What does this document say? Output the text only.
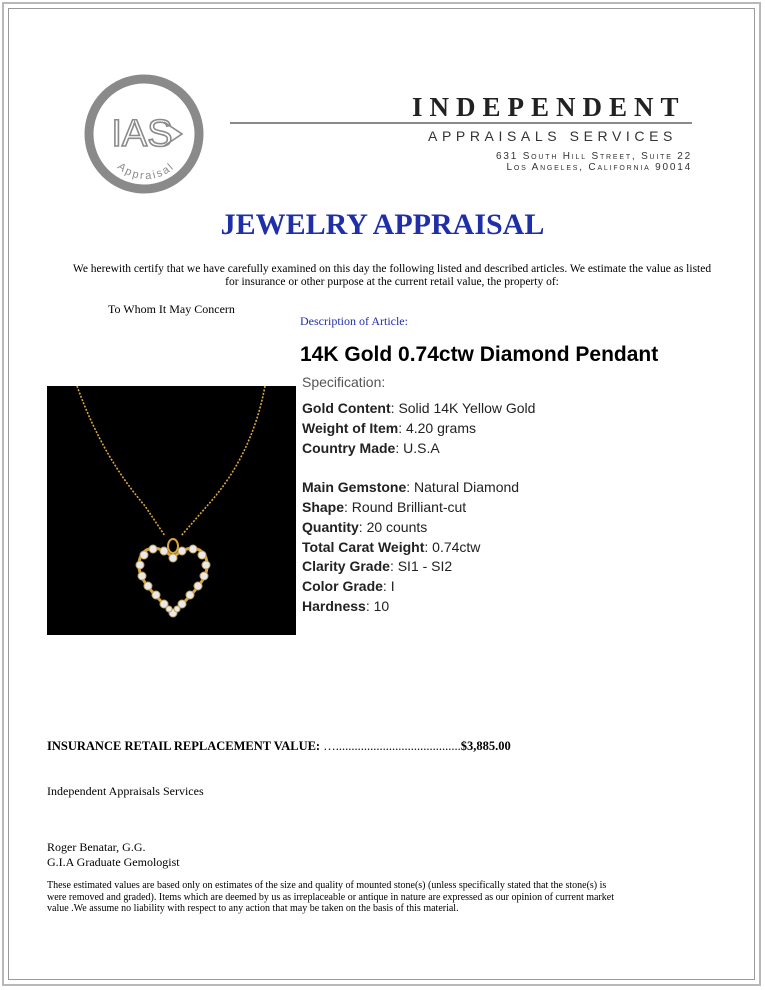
IAS
Appraisal
INDEPENDENT
APPRAISALS SERVICES
631 South Hill Street, Suite 22
Los Angeles, California 90014
JEWELRY APPRAISAL
We herewith certify that we have carefully examined on this day the following listed and described articles. We estimate the value as listed for insurance or other purpose at the current retail value, the property of:
To Whom It May Concern
Description of Article:
14K Gold 0.74ctw Diamond Pendant
Specification:
Gold Content: Solid 14K Yellow Gold
Weight of Item: 4.20 grams
Country Made: U.S.A
Main Gemstone: Natural Diamond
Shape: Round Brilliant-cut
Quantity: 20 counts
Total Carat Weight: 0.74ctw
Clarity Grade: SI1 - SI2
Color Grade: I
Hardness: 10
INSURANCE RETAIL REPLACEMENT VALUE: …........................................$3,885.00
Independent Appraisals Services
Roger Benatar, G.G.
G.I.A Graduate Gemologist
These estimated values are based only on estimates of the size and quality of mounted stone(s) (unless specifically stated that the stone(s) is were removed and graded). Items which are deemed by us as irreplaceable or antique in nature are expressed as our opinion of current market value .We assume no liability with respect to any action that may be taken on the basis of this material.
